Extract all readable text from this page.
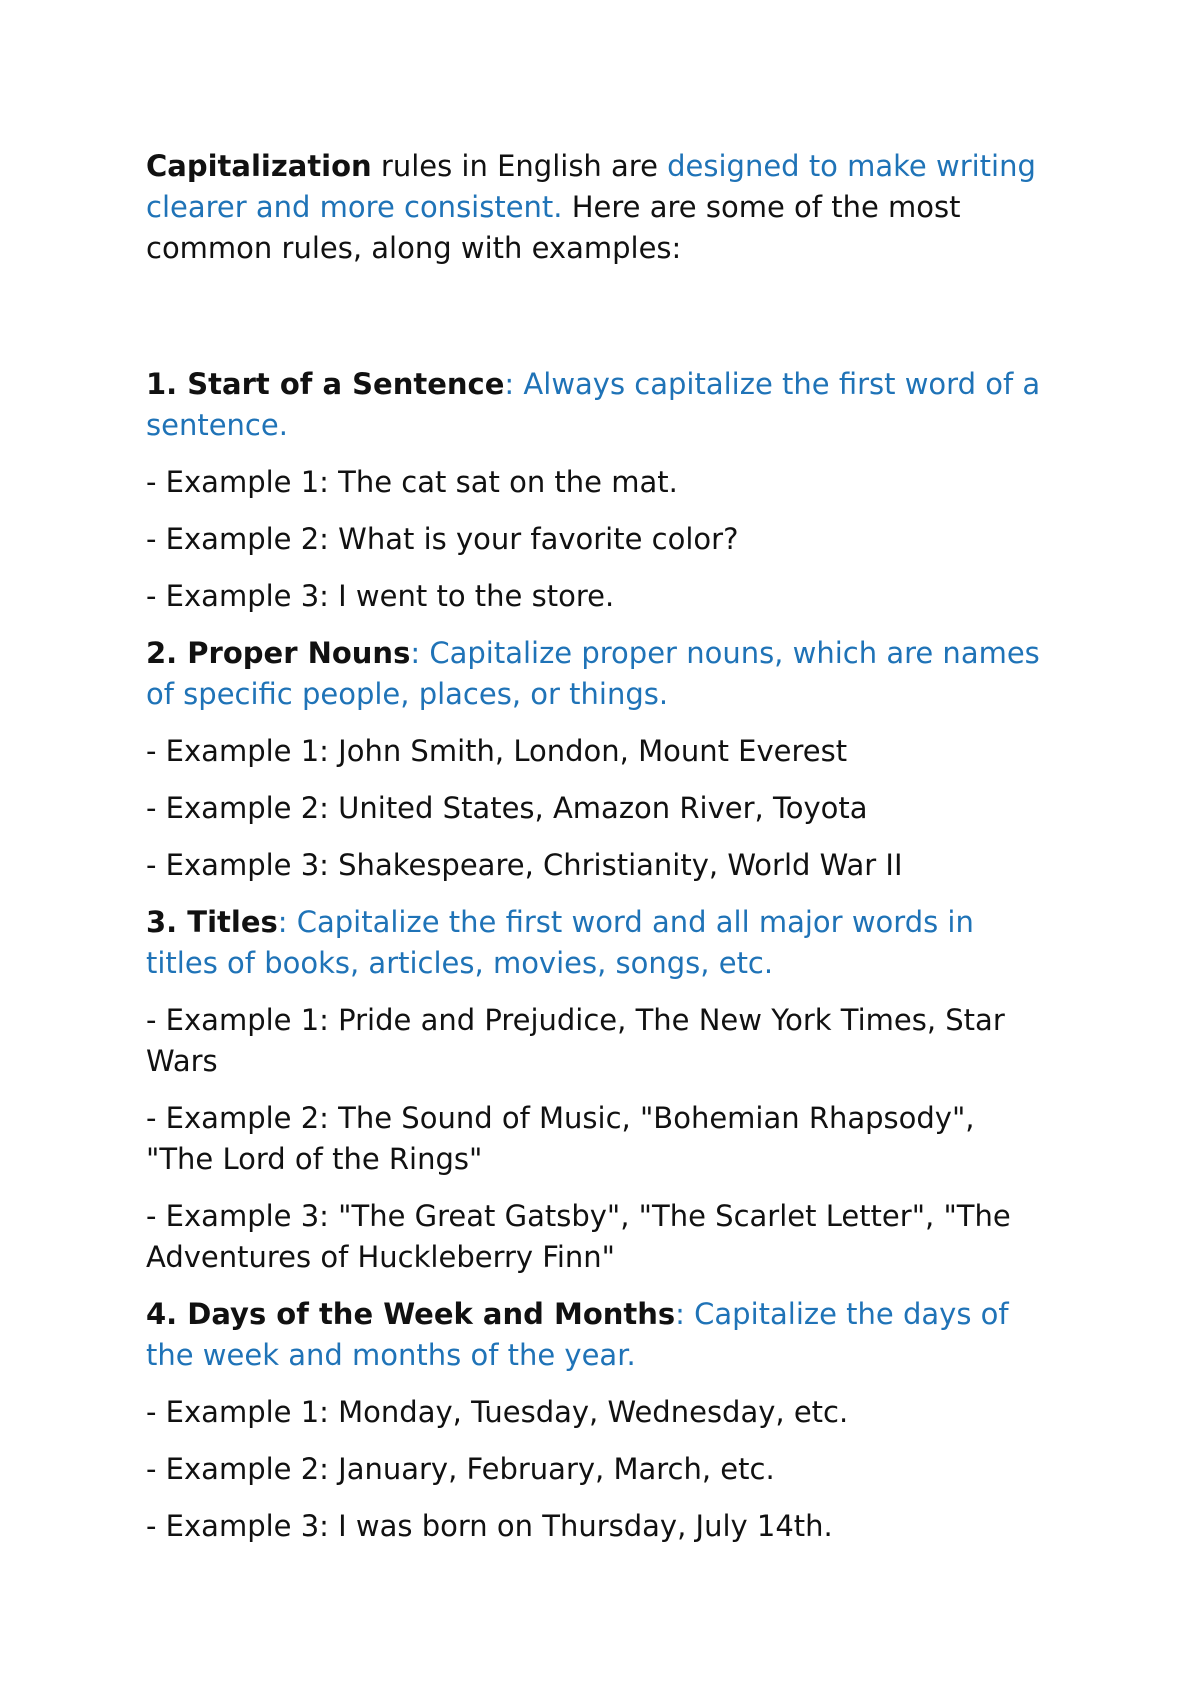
Capitalization rules in English are designed to make writing clearer and more consistent. Here are some of the most common rules, along with examples:

1. Start of a Sentence: Always capitalize the first word of a sentence.

- Example 1: The cat sat on the mat.

- Example 2: What is your favorite color?

- Example 3: I went to the store.

2. Proper Nouns: Capitalize proper nouns, which are names of specific people, places, or things.

- Example 1: John Smith, London, Mount Everest

- Example 2: United States, Amazon River, Toyota

- Example 3: Shakespeare, Christianity, World War II

3. Titles: Capitalize the first word and all major words in titles of books, articles, movies, songs, etc.

- Example 1: Pride and Prejudice, The New York Times, Star Wars

- Example 2: The Sound of Music, "Bohemian Rhapsody", "The Lord of the Rings"

- Example 3: "The Great Gatsby", "The Scarlet Letter", "The Adventures of Huckleberry Finn"

4. Days of the Week and Months: Capitalize the days of the week and months of the year.

- Example 1: Monday, Tuesday, Wednesday, etc.

- Example 2: January, February, March, etc.

- Example 3: I was born on Thursday, July 14th.
